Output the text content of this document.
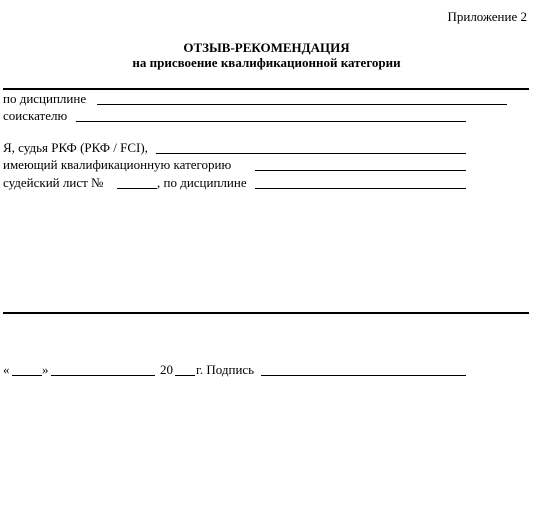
Приложение 2
ОТЗЫВ-РЕКОМЕНДАЦИЯ
на присвоение квалификационной категории
по дисциплине
соискателю
Я, судья РКФ (РКФ / FCI),
имеющий квалификационную категорию
судейский лист №	, по дисциплине
«	»	20 г. Подпись
